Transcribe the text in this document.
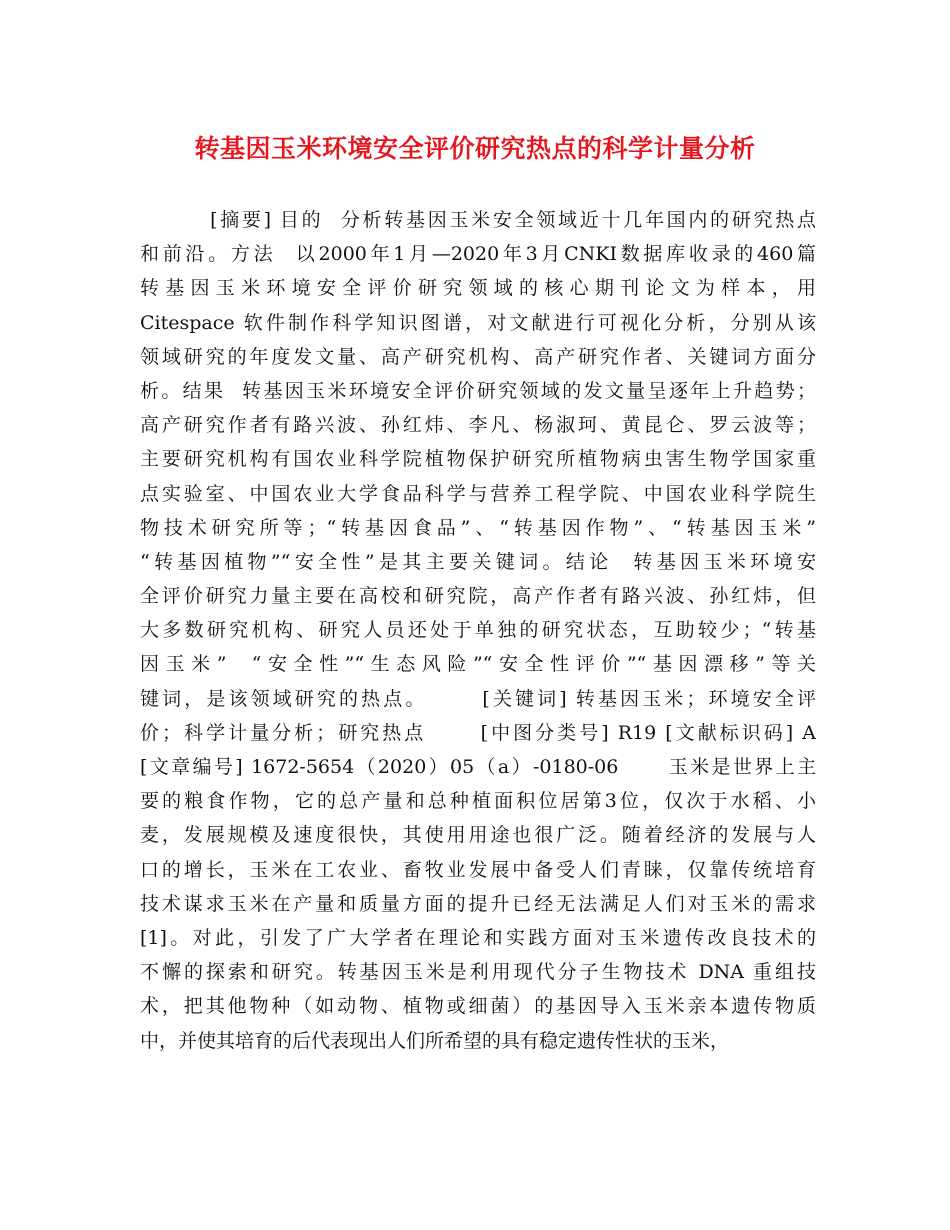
转基因玉米环境安全评价研究热点的科学计量分析
[摘要] 目的  分析转基因玉米安全领域近十几年国内的研究热点
和前沿。方法  以2000年1月—2020年3月CNKI数据库收录的460篇
转基因玉米环境安全评价研究领域的核心期刊论文为样本，用
Citespace 软件制作科学知识图谱，对文献进行可视化分析，分别从该
领域研究的年度发文量、高产研究机构、高产研究作者、关键词方面分
析。结果  转基因玉米环境安全评价研究领域的发文量呈逐年上升趋势；
高产研究作者有路兴波、孙红炜、李凡、杨淑珂、黄昆仑、罗云波等；
主要研究机构有国农业科学院植物保护研究所植物病虫害生物学国家重
点实验室、中国农业大学食品科学与营养工程学院、中国农业科学院生
物技术研究所等；“转基因食品”、“转基因作物”、“转基因玉米”
“转基因植物”“安全性”是其主要关键词。结论  转基因玉米环境安
全评价研究力量主要在高校和研究院，高产作者有路兴波、孙红炜，但
大多数研究机构、研究人员还处于单独的研究状态，互助较少；“转基
因玉米”  “安全性”“生态风险”“安全性评价”“基因漂移”等关
键词，是该领域研究的热点。      [关键词] 转基因玉米；环境安全评
价；科学计量分析；研究热点      [中图分类号] R19 [文献标识码] A
[文章编号] 1672-5654（2020）05（a）-0180-06      玉米是世界上主
要的粮食作物，它的总产量和总种植面积位居第3位，仅次于水稻、小
麦，发展规模及速度很快，其使用用途也很广泛。随着经济的发展与人
口的增长，玉米在工农业、畜牧业发展中备受人们青睐，仅靠传统培育
技术谋求玉米在产量和质量方面的提升已经无法满足人们对玉米的需求
[1]。对此，引发了广大学者在理论和实践方面对玉米遗传改良技术的
不懈的探索和研究。转基因玉米是利用现代分子生物技术 DNA 重组技
术，把其他物种（如动物、植物或细菌）的基因导入玉米亲本遗传物质
中，并使其培育的后代表现出人们所希望的具有稳定遗传性状的玉米，
